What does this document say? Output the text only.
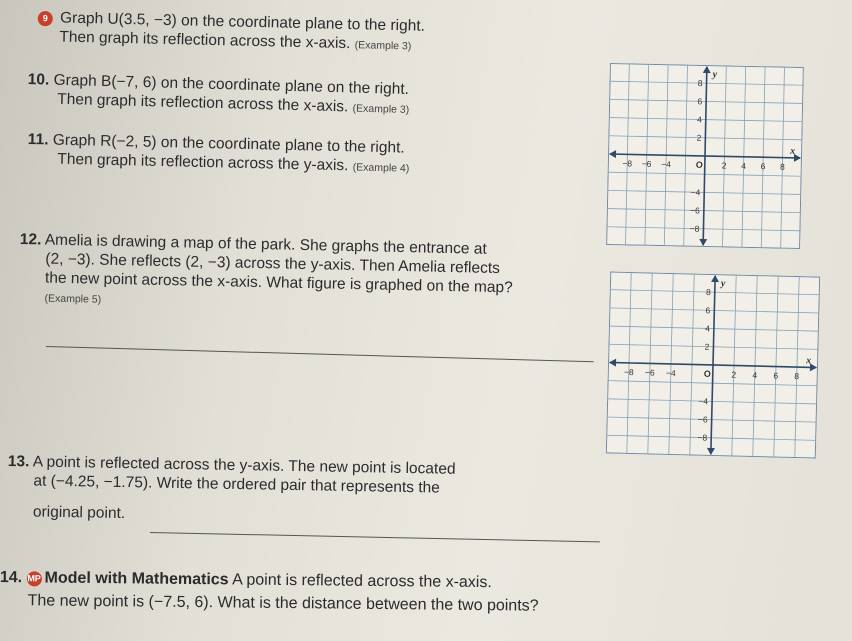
9 Graph U(3.5, −3) on the coordinate plane to the right.
Then graph its reflection across the x-axis. (Example 3)
10. Graph B(−7, 6) on the coordinate plane on the right.
Then graph its reflection across the x-axis. (Example 3)
11. Graph R(−2, 5) on the coordinate plane to the right.
Then graph its reflection across the y-axis. (Example 4)
12. Amelia is drawing a map of the park. She graphs the entrance at
(2, −3). She reflects (2, −3) across the y-axis. Then Amelia reflects
the new point across the x-axis. What figure is graphed on the map?
(Example 5)
13. A point is reflected across the y-axis. The new point is located
at (−4.25, −1.75). Write the ordered pair that represents the
original point.
14. MP Model with Mathematics A point is reflected across the x-axis.
The new point is (−7.5, 6). What is the distance between the two points?
−8 −6 −4	2 4 6 8
8
6
4
2
−4
−6
−8
O
x
y
−8 −6 −4	2 4 6 8
8
6
4
2
−4
−6
−8
O
x
y
